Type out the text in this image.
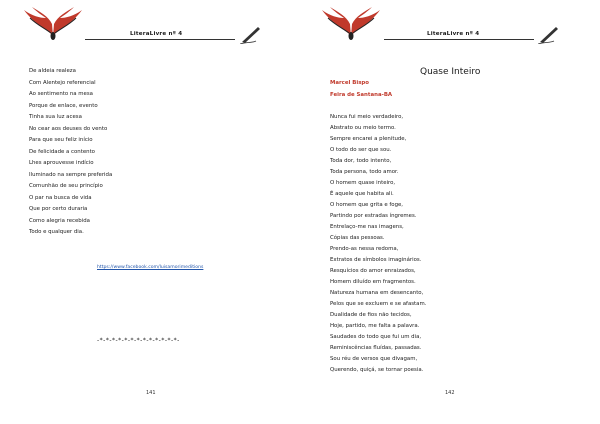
LiteraLivre nº 4
De aldeia realeza
Com Alentejo referencial
Ao sentimento na mesa
Porque de enlace, evento
Tinha sua luz acesa
No cear aos deuses do vento
Para que seu feliz início
De felicidade a contento
Lhes aprouvesse indício
Iluminado na sempre preferida
Comunhão de seu princípio
O par na busca de vida
Que por certo duraria
Como alegria recebida
Todo e qualquer dia.
https://www.facebook.com/luisamorimeditions
-*-*-*-*-*-*-*-*-*-*-*-*-*-
141
LiteraLivre nº 4
Quase Inteiro
Marcel Bispo
Feira de Santana-BA
Nunca fui meio verdadeiro,
Abstrato ou meio termo.
Sempre encarei a plenitude,
O todo do ser que sou.
Toda dor, todo intento,
Toda persona, todo amor.
O homem quase inteiro,
É aquele que habita ali.
O homem que grita e foge,
Partindo por estradas íngremes.
Entrelaço-me nas imagens,
Cópias das pessoas.
Prendo-as nessa redoma,
Extratos de símbolos imaginários.
Resquícios do amor enraizados,
Homem diluído em fragmentos.
Natureza humana em desencanto,
Pelos que se excluem e se afastam.
Dualidade de fios não tecidos,
Hoje, partido, me falta a palavra.
Saudades do todo que fui um dia,
Reminiscências fluídas, passadas.
Sou réu de versos que divagam,
Querendo, quiçá, se tornar poesia.
142
